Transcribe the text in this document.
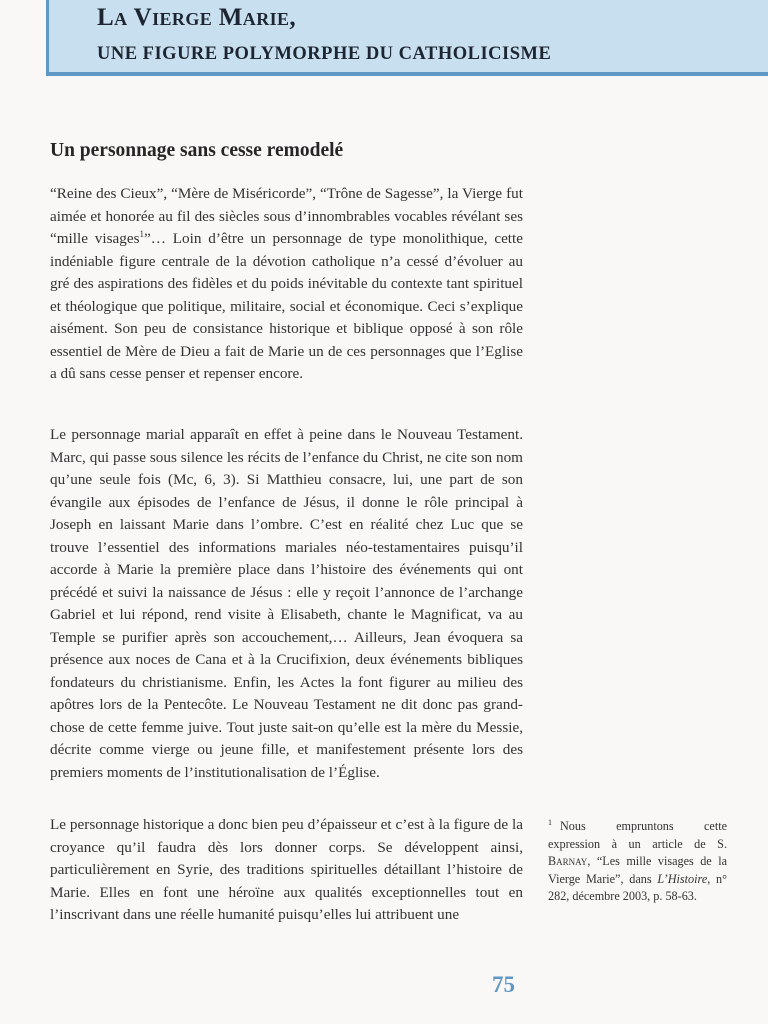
La Vierge Marie,
UNE FIGURE POLYMORPHE DU CATHOLICISME
Un personnage sans cesse remodelé

“Reine des Cieux”, “Mère de Miséricorde”, “Trône de Sagesse”, la Vierge fut aimée et honorée au fil des siècles sous d’innombrables vocables révélant ses “mille visages$^1$”… Loin d’être un personnage de type monolithique, cette indéniable figure centrale de la dévotion catholique n’a cessé d’évoluer au gré des aspirations des fidèles et du poids inévitable du contexte tant spirituel et théologique que politique, militaire, social et économique. Ceci s’explique aisément. Son peu de consistance historique et biblique opposé à son rôle essentiel de Mère de Dieu a fait de Marie un de ces personnages que l’Eglise a dû sans cesse penser et repenser encore.

Le personnage marial apparaît en effet à peine dans le Nouveau Testament. Marc, qui passe sous silence les récits de l’enfance du Christ, ne cite son nom qu’une seule fois (Mc, 6, 3). Si Matthieu consacre, lui, une part de son évangile aux épisodes de l’enfance de Jésus, il donne le rôle principal à Joseph en laissant Marie dans l’ombre. C’est en réalité chez Luc que se trouve l’essentiel des informations mariales néo-testamentaires puisqu’il accorde à Marie la première place dans l’histoire des événements qui ont précédé et suivi la naissance de Jésus : elle y reçoit l’annonce de l’archange Gabriel et lui répond, rend visite à Elisabeth, chante le Magnificat, va au Temple se purifier après son accouchement,… Ailleurs, Jean évoquera sa présence aux noces de Cana et à la Crucifixion, deux événements bibliques fondateurs du christianisme. Enfin, les Actes la font figurer au milieu des apôtres lors de la Pentecôte. Le Nouveau Testament ne dit donc pas grand-chose de cette femme juive. Tout juste sait-on qu’elle est la mère du Messie, décrite comme vierge ou jeune fille, et manifestement présente lors des premiers moments de l’institutionalisation de l’Église.

Le personnage historique a donc bien peu d’épaisseur et c’est à la figure de la croyance qu’il faudra dès lors donner corps. Se développent ainsi, particulièrement en Syrie, des traditions spirituelles détaillant l’histoire de Marie. Elles en font une héroïne aux qualités exceptionnelles tout en l’inscrivant dans une réelle humanité puisqu’elles lui attribuent une

$^1$ Nous empruntons cette expression à un article de S. Barnay, “Les mille visages de la Vierge Marie”, dans L’Histoire, n° 282, décembre 2003, p. 58-63.

75
